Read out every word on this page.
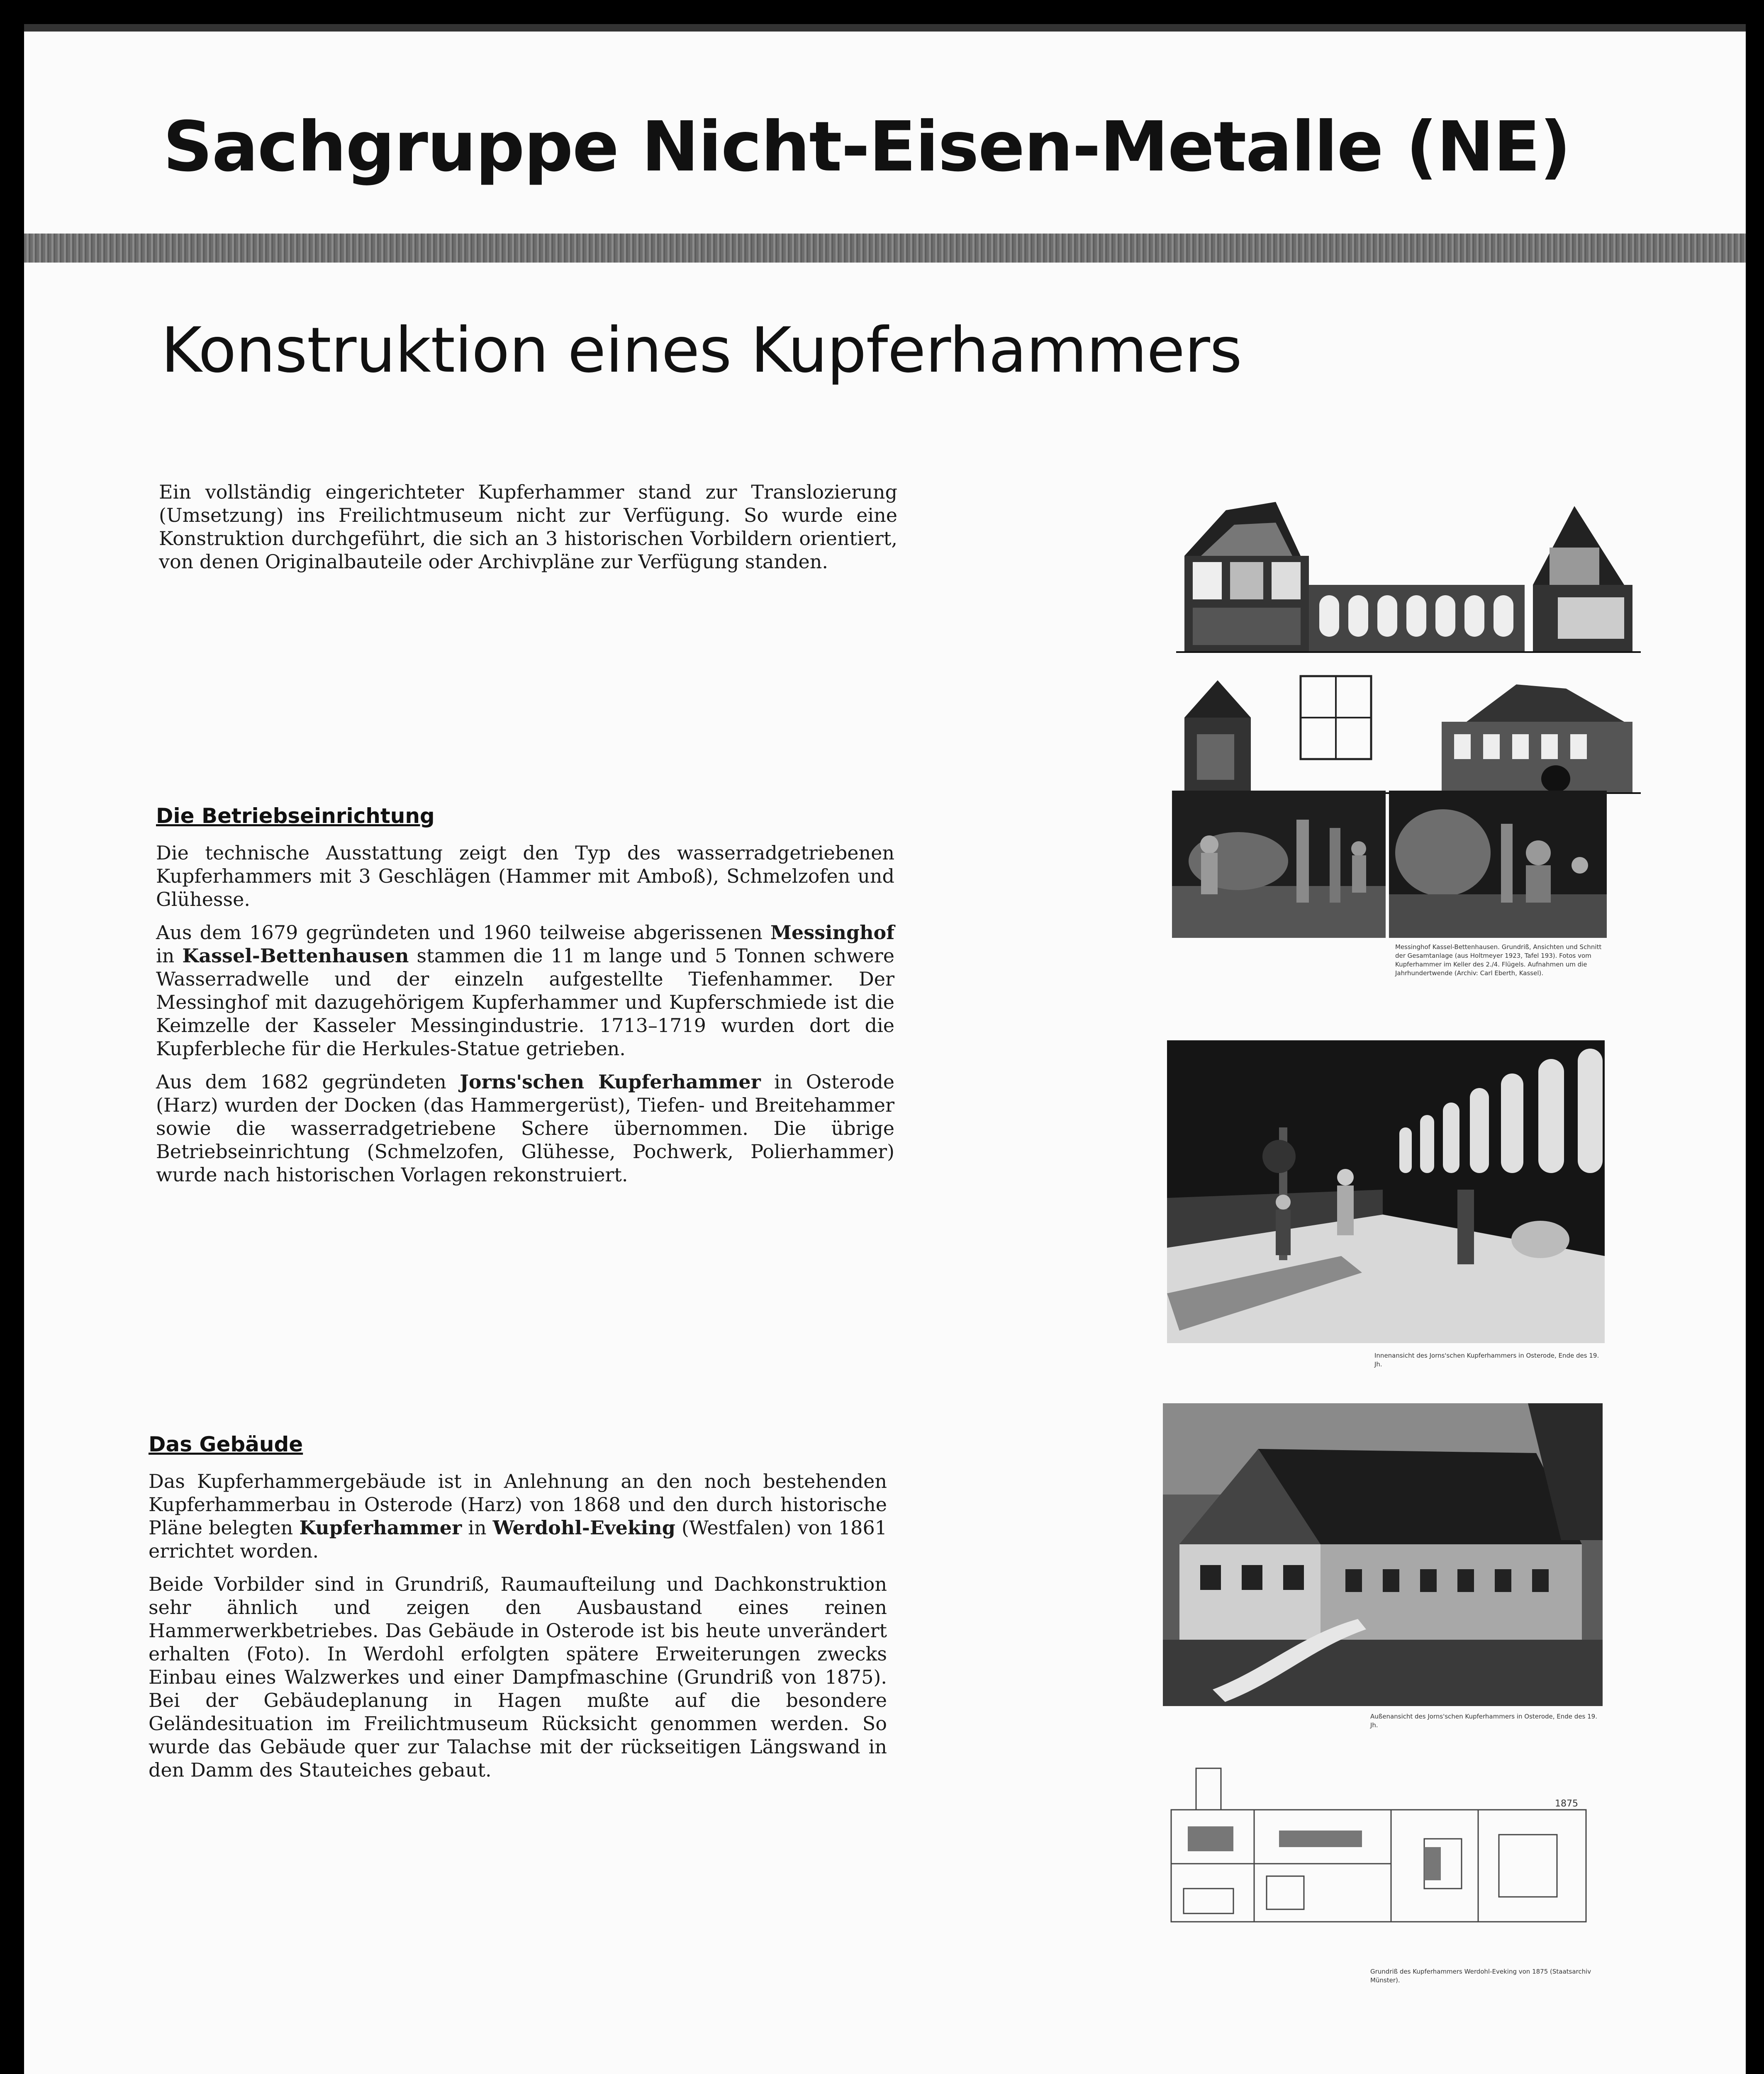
Sachgruppe Nicht-Eisen-Metalle (NE)
Konstruktion eines Kupferhammers

Ein vollständig eingerichteter Kupferhammer stand zur Translozierung (Umsetzung) ins Freilichtmuseum nicht zur Verfügung. So wurde eine Konstruktion durchgeführt, die sich an 3 historischen Vorbildern orientiert, von denen Originalbauteile oder Archivpläne zur Verfügung standen.

Die Betriebseinrichtung

Die technische Ausstattung zeigt den Typ des wasserradgetriebenen Kupferhammers mit 3 Geschlägen (Hammer mit Amboß), Schmelzofen und Glühesse.

Aus dem 1679 gegründeten und 1960 teilweise abgerissenen Messinghof in Kassel-Bettenhausen stammen die 11 m lange und 5 Tonnen schwere Wasserradwelle und der einzeln aufgestellte Tiefenhammer. Der Messinghof mit dazugehörigem Kupferhammer und Kupferschmiede ist die Keimzelle der Kasseler Messingindustrie. 1713–1719 wurden dort die Kupferbleche für die Herkules-Statue getrieben.

Aus dem 1682 gegründeten Jorns'schen Kupferhammer in Osterode (Harz) wurden der Docken (das Hammergerüst), Tiefen- und Breitehammer sowie die wasserradgetriebene Schere übernommen. Die übrige Betriebseinrichtung (Schmelzofen, Glühesse, Pochwerk, Polierhammer) wurde nach historischen Vorlagen rekonstruiert.

Das Gebäude

Das Kupferhammergebäude ist in Anlehnung an den noch bestehenden Kupferhammerbau in Osterode (Harz) von 1868 und den durch historische Pläne belegten Kupferhammer in Werdohl-Eveking (Westfalen) von 1861 errichtet worden.

Beide Vorbilder sind in Grundriß, Raumaufteilung und Dachkonstruktion sehr ähnlich und zeigen den Ausbaustand eines reinen Hammerwerkbetriebes. Das Gebäude in Osterode ist bis heute unverändert erhalten (Foto). In Werdohl erfolgten spätere Erweiterungen zwecks Einbau eines Walzwerkes und einer Dampfmaschine (Grundriß von 1875). Bei der Gebäudeplanung in Hagen mußte auf die besondere Geländesituation im Freilichtmuseum Rücksicht genommen werden. So wurde das Gebäude quer zur Talachse mit der rückseitigen Längswand in den Damm des Stauteiches gebaut.

Messinghof Kassel-Bettenhausen. Grundriß, Ansichten und Schnitt der Gesamtanlage (aus Holtmeyer 1923, Tafel 193). Fotos vom Kupferhammer im Keller des 2./4. Flügels. Aufnahmen um die Jahrhundertwende (Archiv: Carl Eberth, Kassel).
Innenansicht des Jorns'schen Kupferhammers in Osterode, Ende des 19. Jh.
Außenansicht des Jorns'schen Kupferhammers in Osterode, Ende des 19. Jh.
1875
Grundriß des Kupferhammers Werdohl-Eveking von 1875 (Staatsarchiv Münster).
